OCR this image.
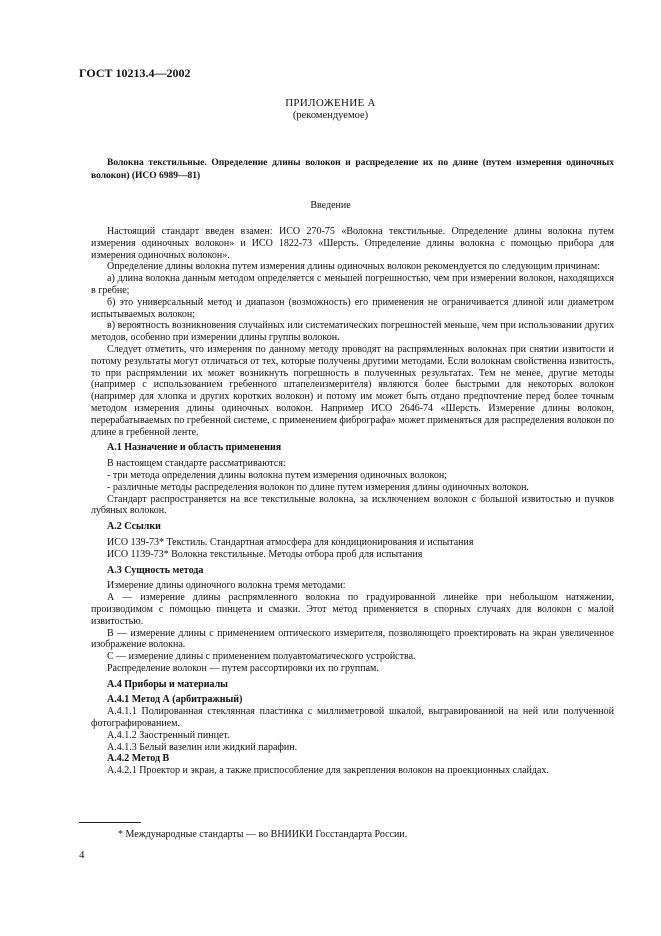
ГОСТ 10213.4—2002
ПРИЛОЖЕНИЕ А
(рекомендуемое)
Волокна текстильные. Определение длины волокон и распределение их по длине (путем измерения одиночных волокон) (ИСО 6989—81)
Введение

Настоящий стандарт введен взамен: ИСО 270-75 «Волокна текстильные. Определение длины волокна путем измерения одиночных волокон» и ИСО 1822-73 «Шерсть. Определение длины волокна с помощью прибора для измерения одиночных волокон».

Определение длины волокна путем измерения длины одиночных волокон рекомендуется по следующим причинам:

а) длина волокна данным методом определяется с меньшей погрешностью, чем при измерении волокон, находящихся в гребне;

б) это универсальный метод и диапазон (возможность) его применения не ограничивается длиной или диаметром испытываемых волокон;

в) вероятность возникновения случайных или систематических погрешностей меньше, чем при использовании других методов, особенно при измерении длины группы волокон.

Следует отметить, что измерения по данному методу проводят на распрямленных волокнах при снятии извитости и потому результаты могут отличаться от тех, которые получены другими методами. Если волокнам свойственна извитость, то при распрямлении их может возникнуть погрешность в полученных результатах. Тем не менее, другие методы (например с использованием гребенного штапелеизмерителя) являются более быстрыми для некоторых волокон (например для хлопка и других коротких волокон) и потому им может быть отдано предпочтение перед более точным методом измерения длины одиночных волокон. Например ИСО 2646-74 «Шерсть. Измерение длины волокон, перерабатываемых по гребенной системе, с применением фибрографа» может применяться для распределения волокон по длине в гребенной ленте.

А.1 Назначение и область применения

В настоящем стандарте рассматриваются:

- три метода определения длины волокна путем измерения одиночных волокон;

- различные методы распределения волокон по длине путем измерения длины одиночных волокон.

Стандарт распространяется на все текстильные волокна, за исключением волокон с большой извитостью и пучков лубяных волокон.

А.2 Ссылки

ИСО 139-73* Текстиль. Стандартная атмосфера для кондиционирования и испытания

ИСО 1139-73* Волокна текстильные. Методы отбора проб для испытания

А.3 Сущность метода

Измерение длины одиночного волокна тремя методами:

А — измерение длины распрямленного волокна по градуированной линейке при небольшом натяжении, производимом с помощью пинцета и смазки. Этот метод применяется в спорных случаях для волокон с малой извитостью.

В — измерение длины с применением оптического измерителя, позволяющего проектировать на экран увеличенное изображение волокна.

С — измерение длины с применением полуавтоматического устройства.

Распределение волокон — путем рассортировки их по группам.

А.4 Приборы и материалы

А.4.1 Метод А (арбитражный)

А.4.1.1 Полированная стеклянная пластинка с миллиметровой шкалой, выгравированной на ней или полученной фотографированием.

А.4.1.2 Заостренный пинцет.

А.4.1.3 Белый вазелин или жидкий парафин.

А.4.2 Метод В

А.4.2.1 Проектор и экран, а также приспособление для закрепления волокон на проекционных слайдах.

* Международные стандарты — во ВНИИКИ Госстандарта России.
4
